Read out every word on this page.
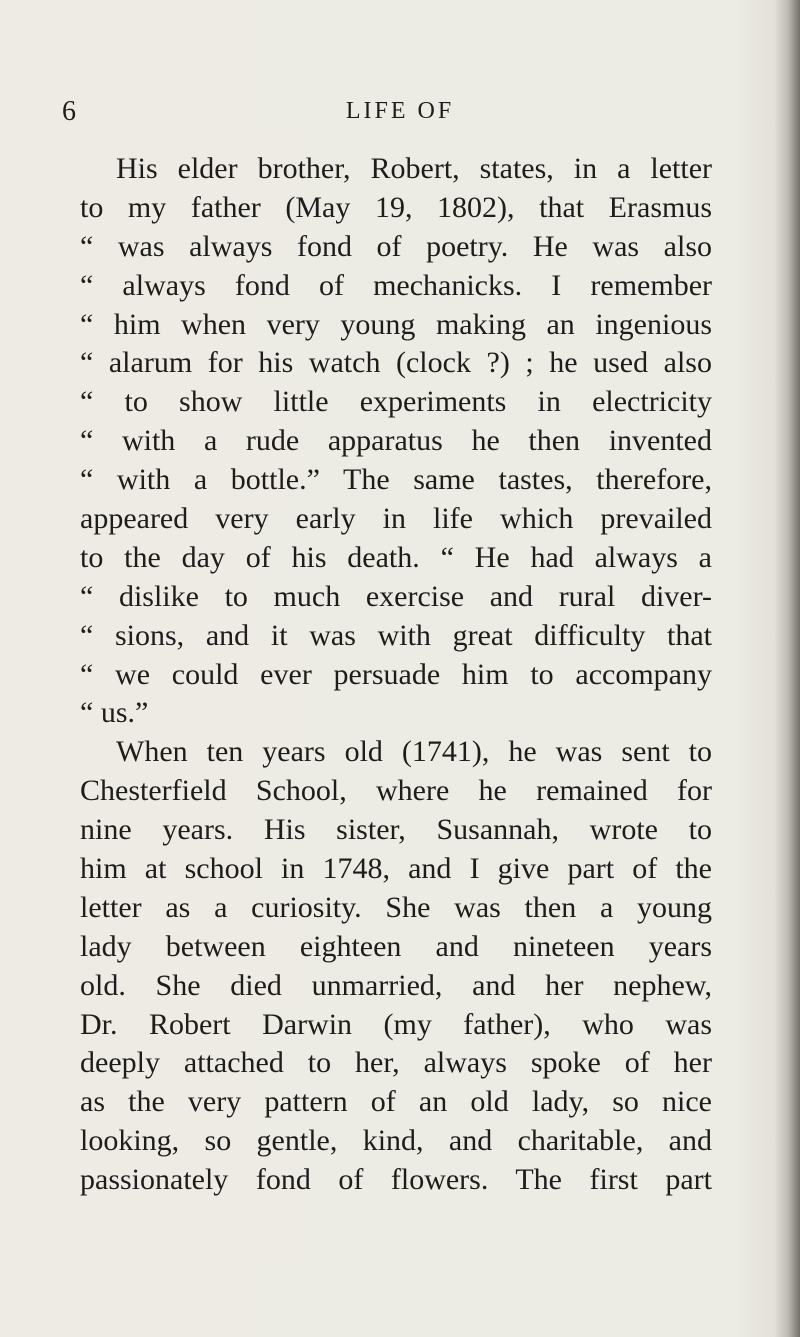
6	LIFE OF
His elder brother, Robert, states, in a letter
to my father (May 19, 1802), that Erasmus
“ was always fond of poetry. He was also
“ always fond of mechanicks. I remember
“ him when very young making an ingenious
“ alarum for his watch (clock ?) ; he used also
“ to show little experiments in electricity
“ with a rude apparatus he then invented
“ with a bottle.” The same tastes, therefore,
appeared very early in life which prevailed
to the day of his death. “ He had always a
“ dislike to much exercise and rural diver-
“ sions, and it was with great difficulty that
“ we could ever persuade him to accompany
“ us.”
When ten years old (1741), he was sent to
Chesterfield School, where he remained for
nine years. His sister, Susannah, wrote to
him at school in 1748, and I give part of the
letter as a curiosity. She was then a young
lady between eighteen and nineteen years
old. She died unmarried, and her nephew,
Dr. Robert Darwin (my father), who was
deeply attached to her, always spoke of her
as the very pattern of an old lady, so nice
looking, so gentle, kind, and charitable, and
passionately fond of flowers. The first part
